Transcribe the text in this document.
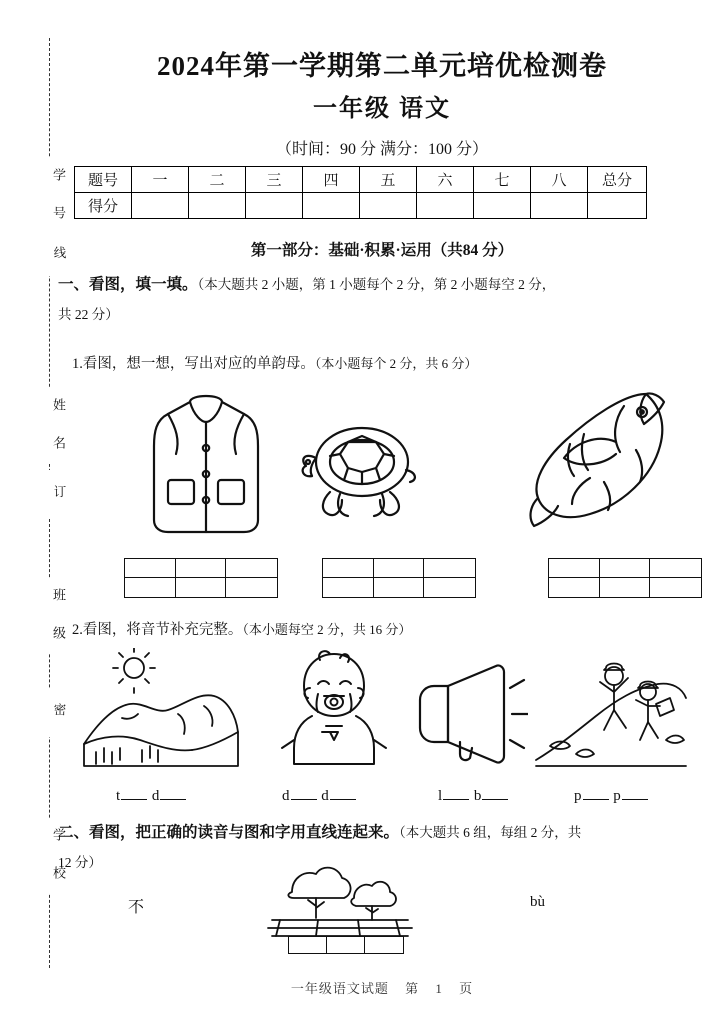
学 号
线
姓 名
订
班 级
密
学 校
2024年第一学期第二单元培优检测卷
一年级 语文
（时间：90 分 满分：100 分）
题号	一	二	三	四	五	六	七	八	总分
得分									
第一部分：基础·积累·运用（共84 分）
一、看图，填一填。（本大题共 2 小题，第 1 小题每个 2 分，第 2 小题每空 2 分，
共 22 分）
1.看图，想一想，写出对应的单韵母。（本小题每个 2 分，共 6 分）
2.看图，将音节补充完整。（本小题每空 2 分，共 16 分）
t d	d d	l b	p p
二、看图，把正确的读音与图和字用直线连起来。（本大题共 6 组，每组 2 分，共
12 分）
不	bù
一年级语文试题 第 1 页
